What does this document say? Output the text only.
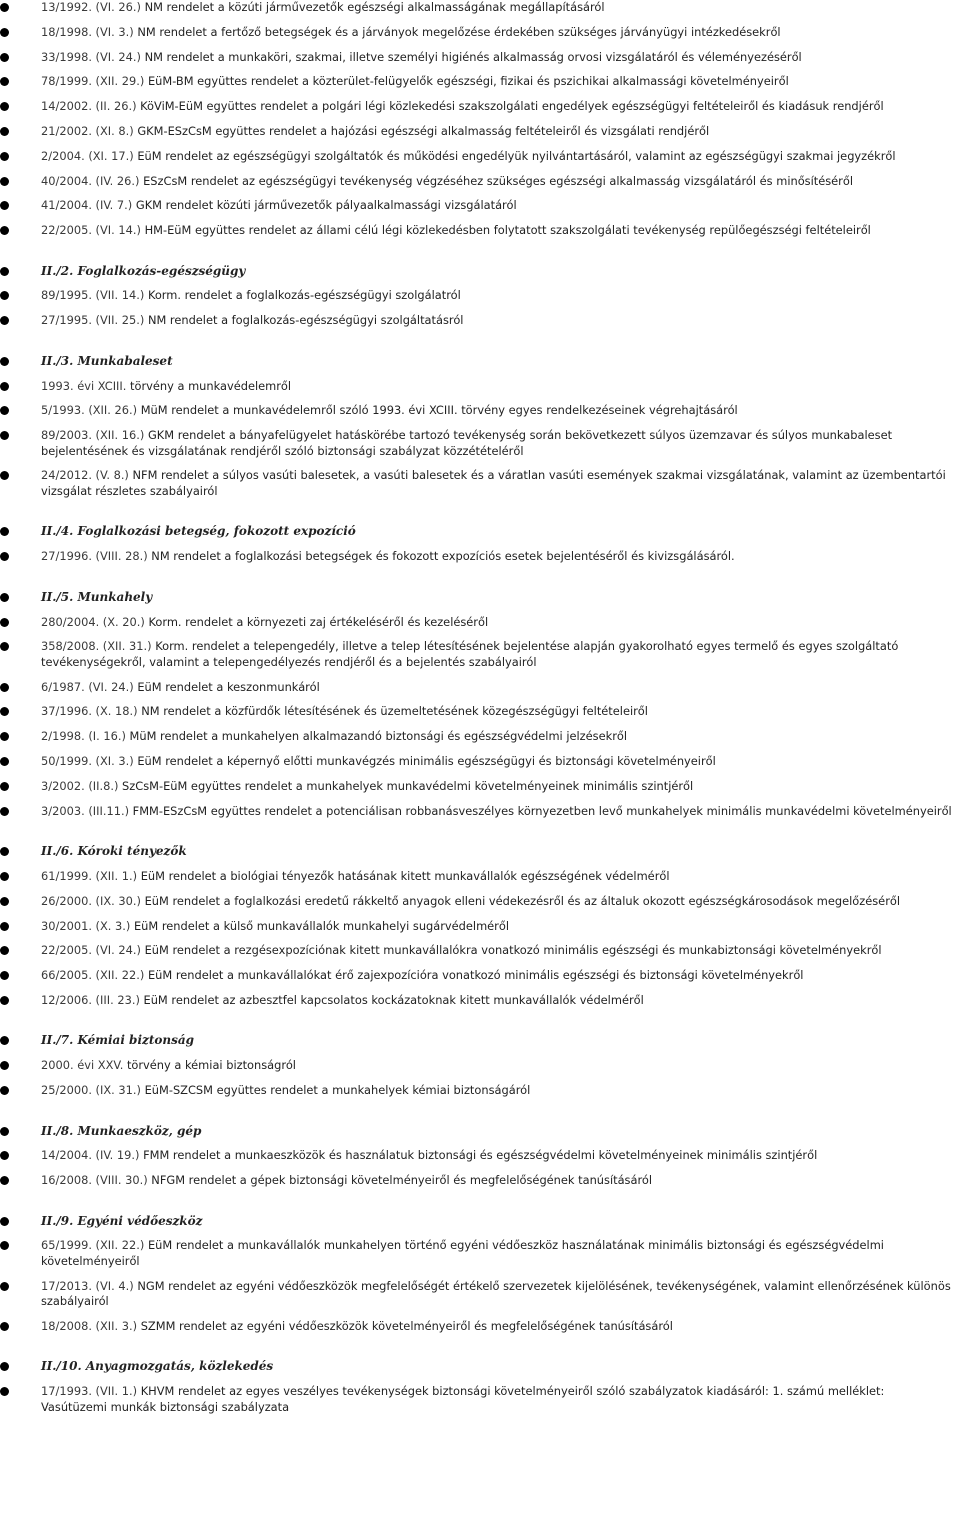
13/1992. (VI. 26.) NM rendelet a közúti járművezetők egészségi alkalmasságának megállapításáról
18/1998. (VI. 3.) NM rendelet a fertőző betegségek és a járványok megelőzése érdekében szükséges járványügyi intézkedésekről
33/1998. (VI. 24.) NM rendelet a munkaköri, szakmai, illetve személyi higiénés alkalmasság orvosi vizsgálatáról és véleményezéséről
78/1999. (XII. 29.) EüM-BM együttes rendelet a közterület-felügyelők egészségi, fizikai és pszichikai alkalmassági követelményeiről
14/2002. (II. 26.) KöViM-EüM együttes rendelet a polgári légi közlekedési szakszolgálati engedélyek egészségügyi feltételeiről és kiadásuk rendjéről
21/2002. (XI. 8.) GKM-ESzCsM együttes rendelet a hajózási egészségi alkalmasság feltételeiről és vizsgálati rendjéről
2/2004. (XI. 17.) EüM rendelet az egészségügyi szolgáltatók és működési engedélyük nyilvántartásáról, valamint az egészségügyi szakmai jegyzékről
40/2004. (IV. 26.) ESzCsM rendelet az egészségügyi tevékenység végzéséhez szükséges egészségi alkalmasság vizsgálatáról és minősítéséről
41/2004. (IV. 7.) GKM rendelet közúti járművezetők pályaalkalmassági vizsgálatáról
22/2005. (VI. 14.) HM-EüM együttes rendelet az állami célú légi közlekedésben folytatott szakszolgálati tevékenység repülőegészségi feltételeiről
II./2. Foglalkozás-egészségügy
89/1995. (VII. 14.) Korm. rendelet a foglalkozás-egészségügyi szolgálatról
27/1995. (VII. 25.) NM rendelet a foglalkozás-egészségügyi szolgáltatásról
II./3. Munkabaleset
1993. évi XCIII. törvény a munkavédelemről
5/1993. (XII. 26.) MüM rendelet a munkavédelemről szóló 1993. évi XCIII. törvény egyes rendelkezéseinek végrehajtásáról
89/2003. (XII. 16.) GKM rendelet a bányafelügyelet hatáskörébe tartozó tevékenység során bekövetkezett súlyos üzemzavar és súlyos munkabaleset bejelentésének és vizsgálatának rendjéről szóló biztonsági szabályzat közzétételéről
24/2012. (V. 8.) NFM rendelet a súlyos vasúti balesetek, a vasúti balesetek és a váratlan vasúti események szakmai vizsgálatának, valamint az üzembentartói vizsgálat részletes szabályairól
II./4. Foglalkozási betegség, fokozott expozíció
27/1996. (VIII. 28.) NM rendelet a foglalkozási betegségek és fokozott expozíciós esetek bejelentéséről és kivizsgálásáról.
II./5. Munkahely
280/2004. (X. 20.) Korm. rendelet a környezeti zaj értékeléséről és kezeléséről
358/2008. (XII. 31.) Korm. rendelet a telepengedély, illetve a telep létesítésének bejelentése alapján gyakorolható egyes termelő és egyes szolgáltató tevékenységekről, valamint a telepengedélyezés rendjéről és a bejelentés szabályairól
6/1987. (VI. 24.) EüM rendelet a keszonmunkáról
37/1996. (X. 18.) NM rendelet a közfürdők létesítésének és üzemeltetésének közegészségügyi feltételeiről
2/1998. (I. 16.) MüM rendelet a munkahelyen alkalmazandó biztonsági és egészségvédelmi jelzésekről
50/1999. (XI. 3.) EüM rendelet a képernyő előtti munkavégzés minimális egészségügyi és biztonsági követelményeiről
3/2002. (II.8.) SzCsM-EüM együttes rendelet a munkahelyek munkavédelmi követelményeinek minimális szintjéről
3/2003. (III.11.) FMM-ESzCsM együttes rendelet a potenciálisan robbanásveszélyes környezetben levő munkahelyek minimális munkavédelmi követelményeiről
II./6. Kóroki tényezők
61/1999. (XII. 1.) EüM rendelet a biológiai tényezők hatásának kitett munkavállalók egészségének védelméről
26/2000. (IX. 30.) EüM rendelet a foglalkozási eredetű rákkeltő anyagok elleni védekezésről és az általuk okozott egészségkárosodások megelőzéséről
30/2001. (X. 3.) EüM rendelet a külső munkavállalók munkahelyi sugárvédelméről
22/2005. (VI. 24.) EüM rendelet a rezgésexpozíciónak kitett munkavállalókra vonatkozó minimális egészségi és munkabiztonsági követelményekről
66/2005. (XII. 22.) EüM rendelet a munkavállalókat érő zajexpozícióra vonatkozó minimális egészségi és biztonsági követelményekről
12/2006. (III. 23.) EüM rendelet az azbesztfel kapcsolatos kockázatoknak kitett munkavállalók védelméről
II./7. Kémiai biztonság
2000. évi XXV. törvény a kémiai biztonságról
25/2000. (IX. 31.) EüM-SZCSM együttes rendelet a munkahelyek kémiai biztonságáról
II./8. Munkaeszköz, gép
14/2004. (IV. 19.) FMM rendelet a munkaeszközök és használatuk biztonsági és egészségvédelmi követelményeinek minimális szintjéről
16/2008. (VIII. 30.) NFGM rendelet a gépek biztonsági követelményeiről és megfelelőségének tanúsításáról
II./9. Egyéni védőeszköz
65/1999. (XII. 22.) EüM rendelet a munkavállalók munkahelyen történő egyéni védőeszköz használatának minimális biztonsági és egészségvédelmi követelményeiről
17/2013. (VI. 4.) NGM rendelet az egyéni védőeszközök megfelelőségét értékelő szervezetek kijelölésének, tevékenységének, valamint ellenőrzésének különös szabályairól
18/2008. (XII. 3.) SZMM rendelet az egyéni védőeszközök követelményeiről és megfelelőségének tanúsításáról
II./10. Anyagmozgatás, közlekedés
17/1993. (VII. 1.) KHVM rendelet az egyes veszélyes tevékenységek biztonsági követelményeiről szóló szabályzatok kiadásáról: 1. számú melléklet: Vasútüzemi munkák biztonsági szabályzata
